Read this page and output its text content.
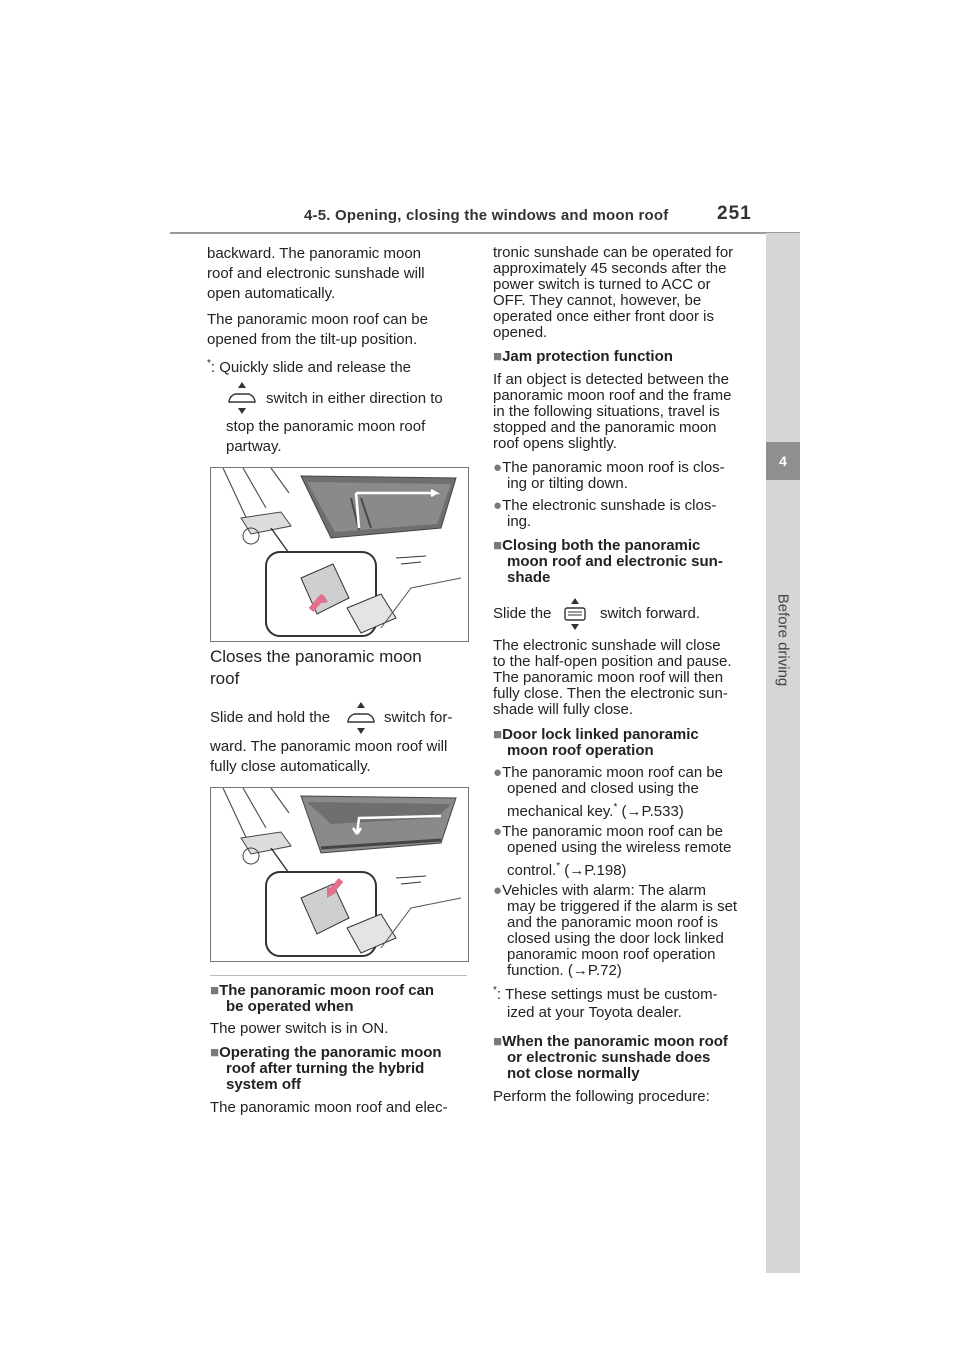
4-5. Opening, closing the windows and moon roof	251
4
Before driving
backward. The panoramic moon
roof and electronic sunshade will
open automatically.
The panoramic moon roof can be
opened from the tilt-up position.
*: Quickly slide and release the
switch in either direction to
stop the panoramic moon roof
partway.
Closes the panoramic moon
roof
Slide and hold the	switch for-
ward. The panoramic moon roof will
fully close automatically.
■The panoramic moon roof can
be operated when
The power switch is in ON.
■Operating the panoramic moon
roof after turning the hybrid
system off
The panoramic moon roof and elec-
tronic sunshade can be operated for
approximately 45 seconds after the
power switch is turned to ACC or
OFF. They cannot, however, be
operated once either front door is
opened.
■Jam protection function
If an object is detected between the
panoramic moon roof and the frame
in the following situations, travel is
stopped and the panoramic moon
roof opens slightly.
●The panoramic moon roof is clos-
ing or tilting down.
●The electronic sunshade is clos-
ing.
■Closing both the panoramic
moon roof and electronic sun-
shade
Slide the	switch forward.
The electronic sunshade will close
to the half-open position and pause.
The panoramic moon roof will then
fully close. Then the electronic sun-
shade will fully close.
■Door lock linked panoramic
moon roof operation
●The panoramic moon roof can be
opened and closed using the
mechanical key.* (→P.533)
●The panoramic moon roof can be
opened using the wireless remote
control.* (→P.198)
●Vehicles with alarm: The alarm
may be triggered if the alarm is set
and the panoramic moon roof is
closed using the door lock linked
panoramic moon roof operation
function. (→P.72)
*: These settings must be custom-
ized at your Toyota dealer.
■When the panoramic moon roof
or electronic sunshade does
not close normally
Perform the following procedure:
